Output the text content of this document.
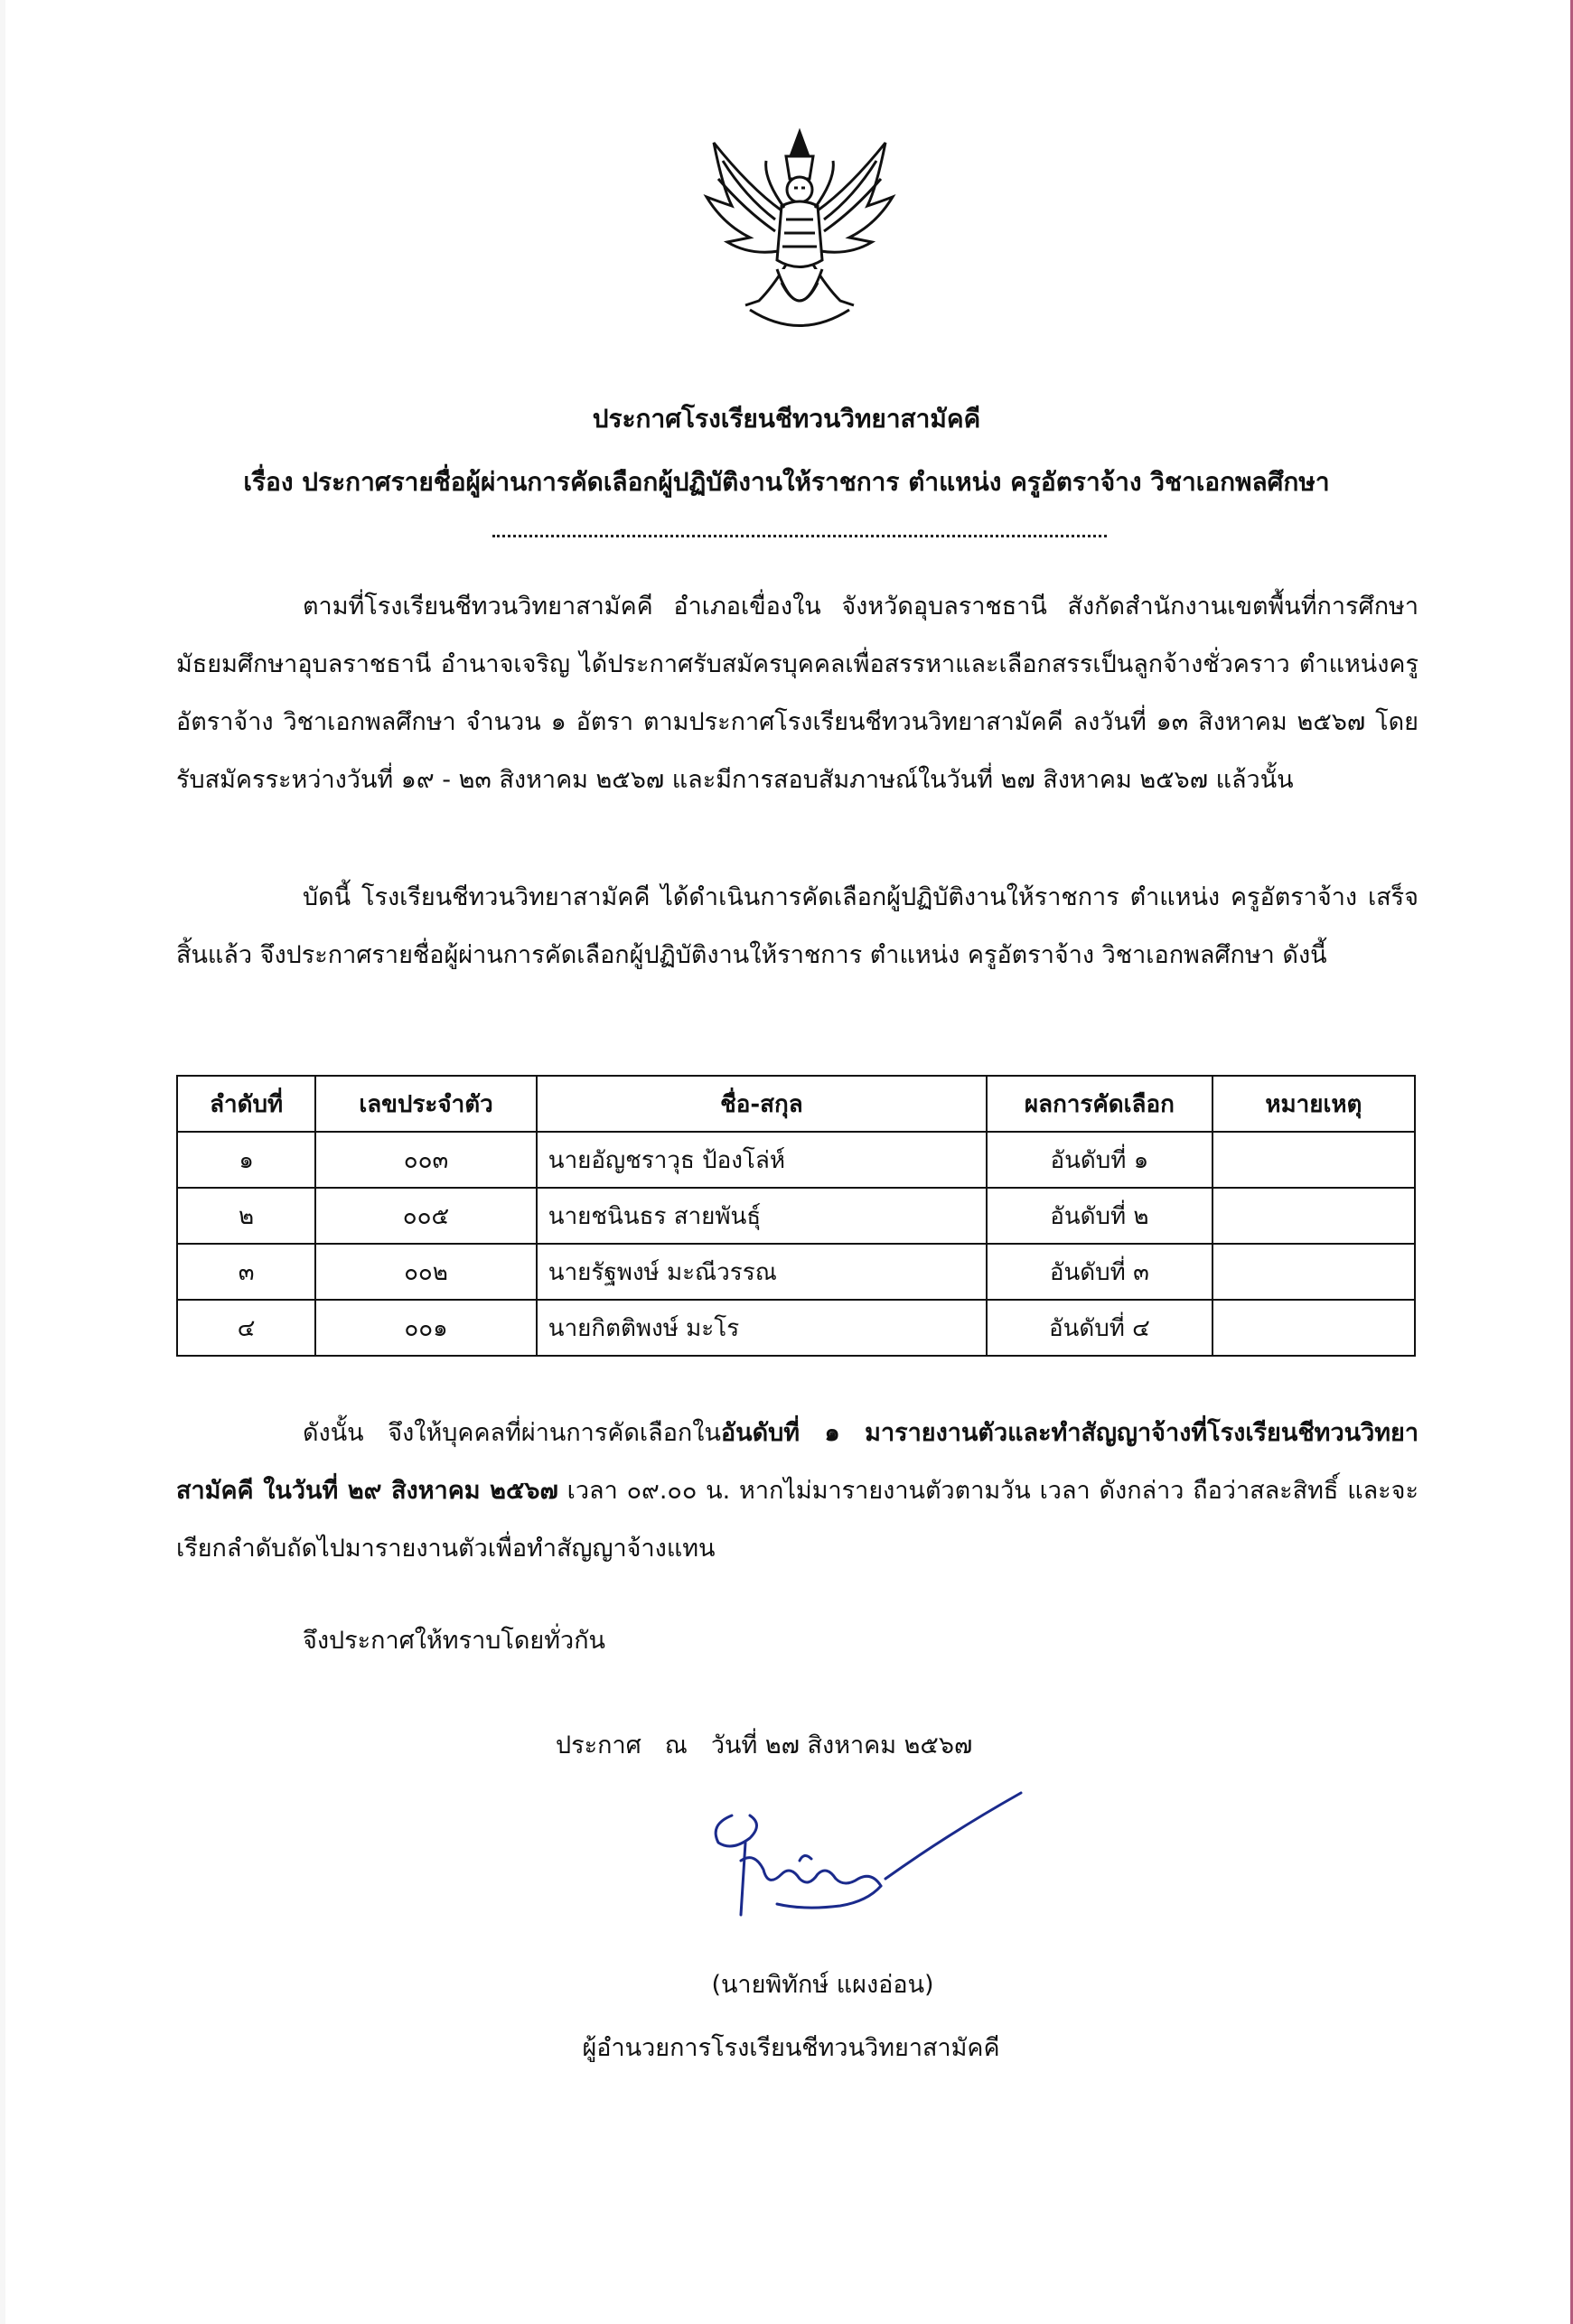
ประกาศโรงเรียนชีทวนวิทยาสามัคคี
เรื่อง ประกาศรายชื่อผู้ผ่านการคัดเลือกผู้ปฏิบัติงานให้ราชการ ตำแหน่ง ครูอัตราจ้าง วิชาเอกพลศึกษา
ตามที่โรงเรียนชีทวนวิทยาสามัคคี อำเภอเขื่องใน จังหวัดอุบลราชธานี สังกัดสำนักงานเขตพื้นที่การศึกษามัธยมศึกษาอุบลราชธานี อำนาจเจริญ ได้ประกาศรับสมัครบุคคลเพื่อสรรหาและเลือกสรรเป็นลูกจ้างชั่วคราว ตำแหน่งครูอัตราจ้าง วิชาเอกพลศึกษา จำนวน ๑ อัตรา ตามประกาศโรงเรียนชีทวนวิทยาสามัคคี ลงวันที่ ๑๓ สิงหาคม ๒๕๖๗ โดยรับสมัครระหว่างวันที่ ๑๙ - ๒๓ สิงหาคม ๒๕๖๗ และมีการสอบสัมภาษณ์ในวันที่ ๒๗ สิงหาคม ๒๕๖๗ แล้วนั้น
บัดนี้ โรงเรียนชีทวนวิทยาสามัคคี ได้ดำเนินการคัดเลือกผู้ปฏิบัติงานให้ราชการ ตำแหน่ง ครูอัตราจ้าง เสร็จสิ้นแล้ว จึงประกาศรายชื่อผู้ผ่านการคัดเลือกผู้ปฏิบัติงานให้ราชการ ตำแหน่ง ครูอัตราจ้าง วิชาเอกพลศึกษา ดังนี้
ลำดับที่	เลขประจำตัว	ชื่อ-สกุล	ผลการคัดเลือก	หมายเหตุ
๑	๐๐๓	นายอัญชราวุธ ป้องโล่ห์	อันดับที่ ๑	
๒	๐๐๕	นายชนินธร สายพันธุ์	อันดับที่ ๒	
๓	๐๐๒	นายรัฐพงษ์ มะณีวรรณ	อันดับที่ ๓	
๔	๐๐๑	นายกิตติพงษ์ มะโร	อันดับที่ ๔	
ดังนั้น จึงให้บุคคลที่ผ่านการคัดเลือกในอันดับที่ ๑ มารายงานตัวและทำสัญญาจ้างที่โรงเรียนชีทวนวิทยาสามัคคี ในวันที่ ๒๙ สิงหาคม ๒๕๖๗ เวลา ๐๙.๐๐ น. หากไม่มารายงานตัวตามวัน เวลา ดังกล่าว ถือว่าสละสิทธิ์ และจะเรียกลำดับถัดไปมารายงานตัวเพื่อทำสัญญาจ้างแทน
จึงประกาศให้ทราบโดยทั่วกัน
ประกาศ ณ วันที่ ๒๗ สิงหาคม ๒๕๖๗
(นายพิทักษ์ แผงอ่อน)
ผู้อำนวยการโรงเรียนชีทวนวิทยาสามัคคี
